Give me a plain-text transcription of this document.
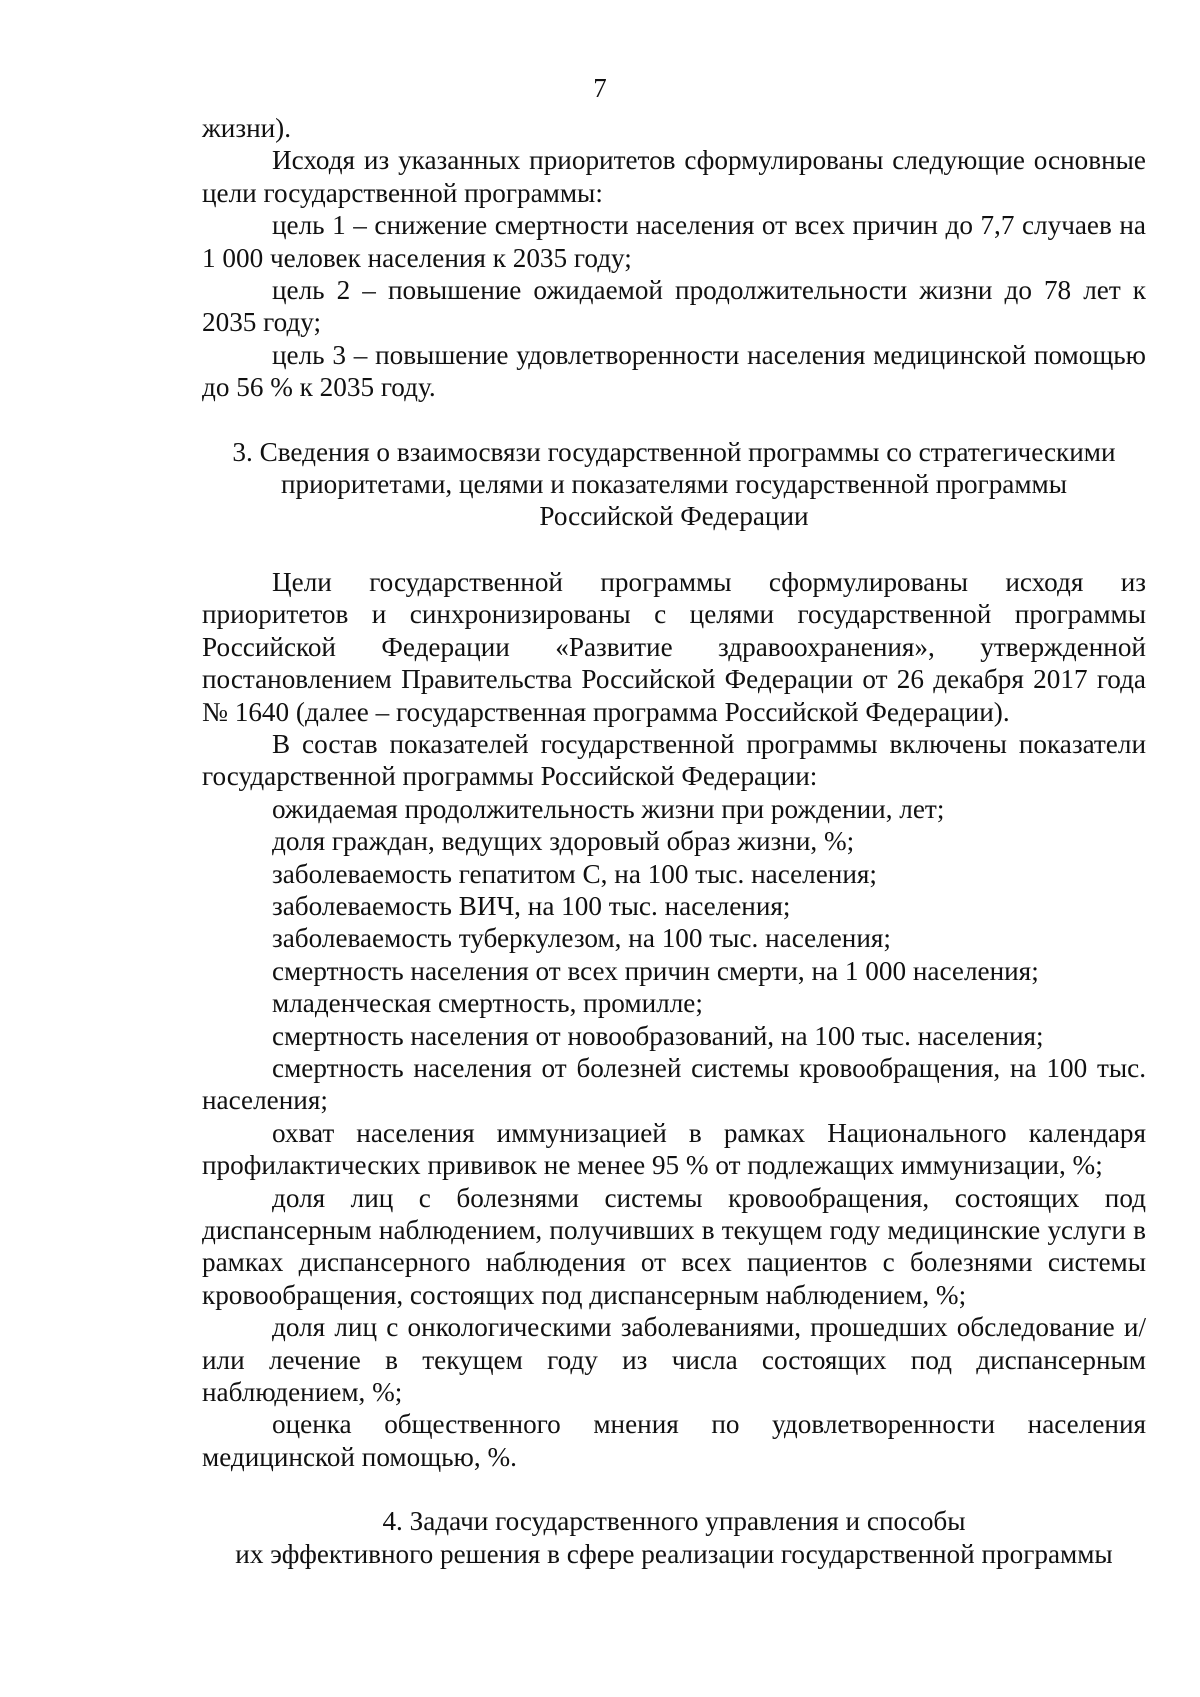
7

жизни).

Исходя из указанных приоритетов сформулированы следующие основные цели государственной программы:

цель 1 – снижение смертности населения от всех причин до 7,7 случаев на 1 000 человек населения к 2035 году;

цель 2 – повышение ожидаемой продолжительности жизни до 78 лет к 2035 году;

цель 3 – повышение удовлетворенности населения медицинской помощью до 56 % к 2035 году.

3. Сведения о взаимосвязи государственной программы со стратегическими

приоритетами, целями и показателями государственной программы

Российской Федерации

Цели государственной программы сформулированы исходя из приоритетов и синхронизированы с целями государственной программы Российской Федерации «Развитие здравоохранения», утвержденной постановлением Правительства Российской Федерации от 26 декабря 2017 года № 1640 (далее – государственная программа Российской Федерации).

В состав показателей государственной программы включены показатели государственной программы Российской Федерации:

ожидаемая продолжительность жизни при рождении, лет;

доля граждан, ведущих здоровый образ жизни, %;

заболеваемость гепатитом С, на 100 тыс. населения;

заболеваемость ВИЧ, на 100 тыс. населения;

заболеваемость туберкулезом, на 100 тыс. населения;

смертность населения от всех причин смерти, на 1 000 населения;

младенческая смертность, промилле;

смертность населения от новообразований, на 100 тыс. населения;

смертность населения от болезней системы кровообращения, на 100 тыс. населения;

охват населения иммунизацией в рамках Национального календаря профилактических прививок не менее 95 % от подлежащих иммунизации, %;

доля лиц с болезнями системы кровообращения, состоящих под диспансерным наблюдением, получивших в текущем году медицинские услуги в рамках диспансерного наблюдения от всех пациентов с болезнями системы кровообращения, состоящих под диспансерным наблюдением, %;

доля лиц с онкологическими заболеваниями, прошедших обследование и/или лечение в текущем году из числа состоящих под диспансерным наблюдением, %;

оценка общественного мнения по удовлетворенности населения медицинской помощью, %.

4. Задачи государственного управления и способы

их эффективного решения в сфере реализации государственной программы
